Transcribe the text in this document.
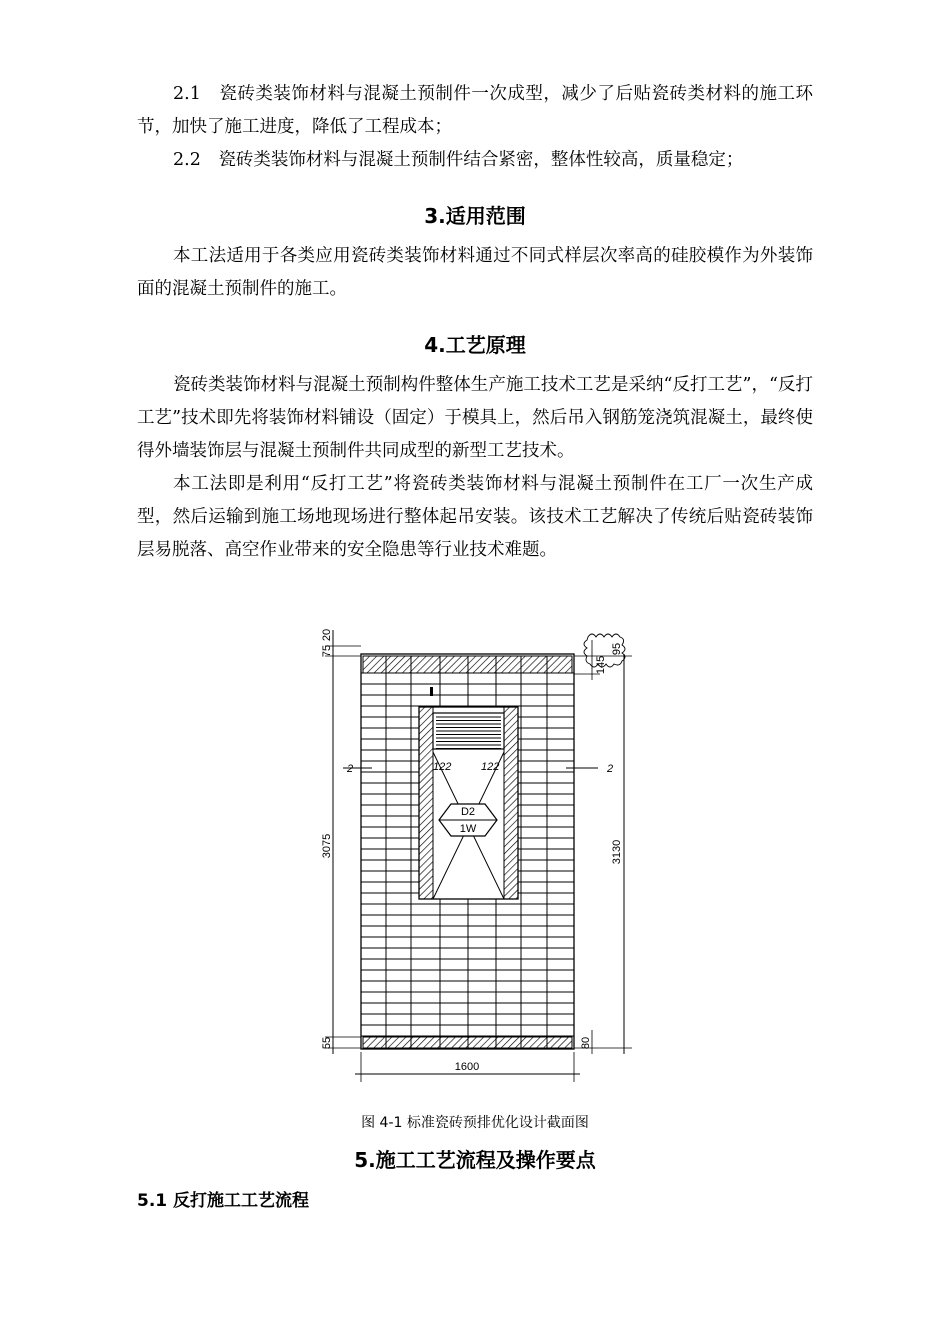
2.1　瓷砖类装饰材料与混凝土预制件一次成型，减少了后贴瓷砖类材料的施工环节，加快了施工进度，降低了工程成本；

2.2　瓷砖类装饰材料与混凝土预制件结合紧密，整体性较高，质量稳定；

3.适用范围

本工法适用于各类应用瓷砖类装饰材料通过不同式样层次率高的硅胶模作为外装饰面的混凝土预制件的施工。

4.工艺原理

瓷砖类装饰材料与混凝土预制构件整体生产施工技术工艺是采纳“反打工艺”，“反打工艺”技术即先将装饰材料铺设（固定）于模具上，然后吊入钢筋笼浇筑混凝土，最终使得外墙装饰层与混凝土预制件共同成型的新型工艺技术。

本工法即是利用“反打工艺”将瓷砖类装饰材料与混凝土预制件在工厂一次生产成型，然后运输到施工场地现场进行整体起吊安装。该技术工艺解决了传统后贴瓷砖装饰层易脱落、高空作业带来的安全隐患等行业技术难题。

D2
1W
122	122
2	2
20
75
3075
55
95
145
3130
80
1600
图 4-1 标准瓷砖预排优化设计截面图
5.施工工艺流程及操作要点
5.1 反打施工工艺流程
